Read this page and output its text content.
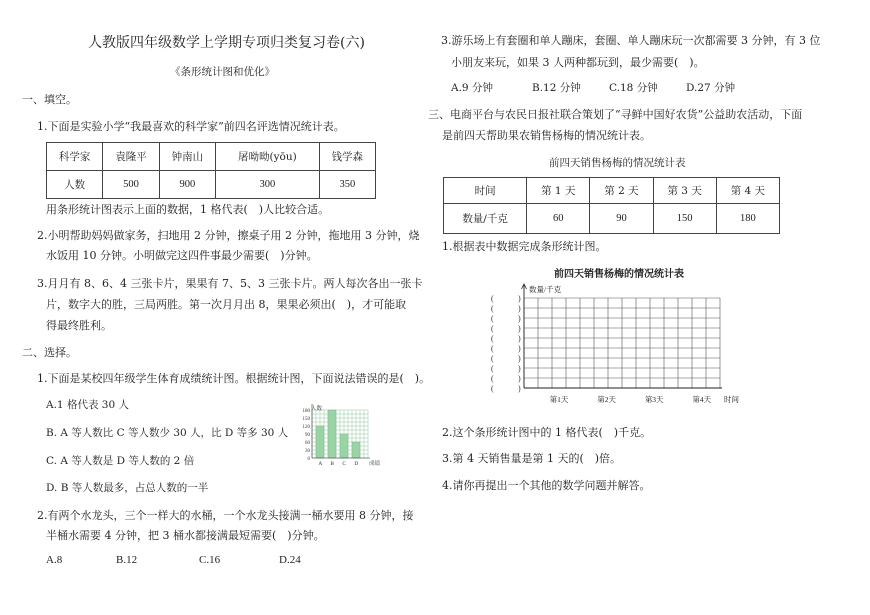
人教版四年级数学上学期专项归类复习卷(六)
《条形统计图和优化》
一、填空。
1.下面是实验小学“我最喜欢的科学家”前四名评选情况统计表。
科学家	袁隆平	钟南山	屠呦呦(yōu)	钱学森
人数	500	900	300	350
用条形统计图表示上面的数据，1 格代表(　)人比较合适。
2.小明帮助妈妈做家务，扫地用 2 分钟，擦桌子用 2 分钟，拖地用 3 分钟，烧
水饭用 10 分钟。小明做完这四件事最少需要(　)分钟。
3.月月有 8、6、4 三张卡片，果果有 7、5、3 三张卡片。两人每次各出一张卡
片，数字大的胜，三局两胜。第一次月月出 8，果果必须出(　)，才可能取
得最终胜利。
二、选择。
1.下面是某校四年级学生体育成绩统计图。根据统计图，下面说法错误的是(　)。
A.1 格代表 30 人
B. A 等人数比 C 等人数少 30 人，比 D 等多 30 人
C. A 等人数是 D 等人数的 2 倍
D. B 等人数最多，占总人数的一半
A B C D
180
150
120
90
60
30
0
人数
成绩
2.有两个水龙头，三个一样大的水桶，一个水龙头接满一桶水要用 8 分钟，接
半桶水需要 4 分钟，把 3 桶水都接满最短需要(　)分钟。
A.8	B.12	C.16	D.24
3.游乐场上有套圈和单人蹦床，套圈、单人蹦床玩一次都需要 3 分钟，有 3 位
小朋友来玩，如果 3 人两种都玩到，最少需要(　)。
A.9 分钟	B.12 分钟	C.18 分钟	D.27 分钟
三、电商平台与农民日报社联合策划了“寻鲜中国好农货”公益助农活动，下面
是前四天帮助果农销售杨梅的情况统计表。
前四天销售杨梅的情况统计表
时间	第 1 天	第 2 天	第 3 天	第 4 天
数量/千克	60	90	150	180
1.根据表中数据完成条形统计图。
前四天销售杨梅的情况统计表
(	)
(	)
(	)
(	)
(	)
(	)
(	)
(	)
(	)
(	)
第1天	第2天	第3天	第4天
数量/千克
时间
2.这个条形统计图中的 1 格代表(　)千克。
3.第 4 天销售量是第 1 天的(　)倍。
4.请你再提出一个其他的数学问题并解答。
